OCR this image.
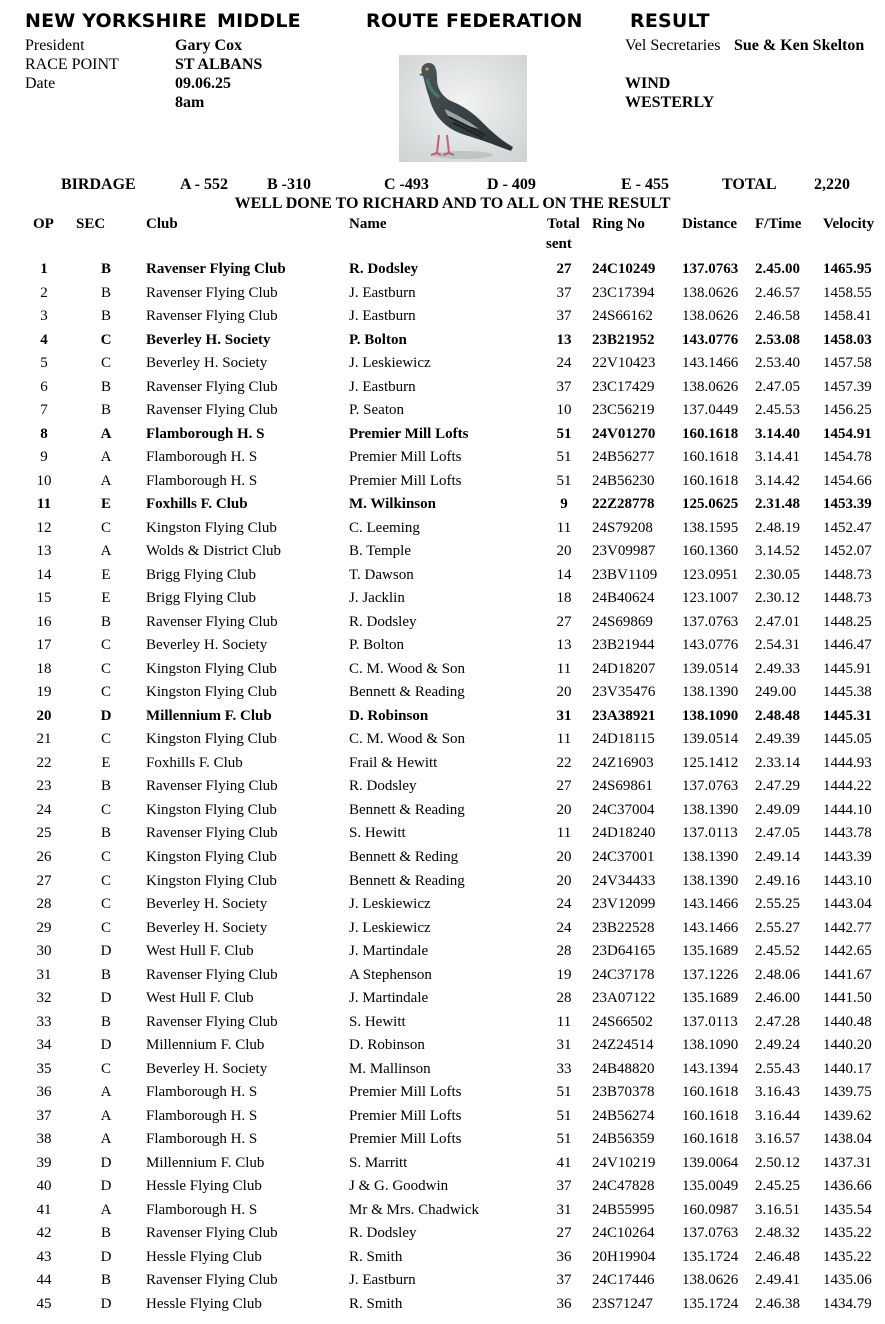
NEW YORKSHIRE MIDDLE	ROUTE FEDERATION RESULT
President	Gary Cox
RACE POINT	ST ALBANS
Date	09.06.25
8am
Vel Secretaries Sue & Ken Skelton
WIND
WESTERLY
BIRDAGE	A - 552 B -310	C -493	D - 409	E - 455	TOTAL 2,220
WELL DONE TO RICHARD AND TO ALL ON THE RESULT
OP SEC	Club	Name	Total
sent
Ring No Distance F/Time Velocity
1	B	Ravenser Flying Club	R. Dodsley	27	24C10249 137.0763 2.45.00 1465.95
2	B	Ravenser Flying Club	J. Eastburn	37	23C17394 138.0626 2.46.57 1458.55
3	B	Ravenser Flying Club	J. Eastburn	37	24S66162 138.0626 2.46.58 1458.41
4	C	Beverley H. Society	P. Bolton	13	23B21952 143.0776 2.53.08 1458.03
5	C	Beverley H. Society	J. Leskiewicz	24	22V10423 143.1466 2.53.40 1457.58
6	B	Ravenser Flying Club	J. Eastburn	37	23C17429 138.0626 2.47.05 1457.39
7	B	Ravenser Flying Club	P. Seaton	10	23C56219 137.0449 2.45.53 1456.25
8	A	Flamborough H. S	Premier Mill Lofts	51	24V01270 160.1618 3.14.40 1454.91
9	A	Flamborough H. S	Premier Mill Lofts	51	24B56277 160.1618 3.14.41 1454.78
10	A	Flamborough H. S	Premier Mill Lofts	51	24B56230 160.1618 3.14.42 1454.66
11	E	Foxhills F. Club	M. Wilkinson	9	22Z28778 125.0625 2.31.48 1453.39
12	C	Kingston Flying Club	C. Leeming	11	24S79208 138.1595 2.48.19 1452.47
13	A	Wolds & District Club	B. Temple	20	23V09987 160.1360 3.14.52 1452.07
14	E	Brigg Flying Club	T. Dawson	14	23BV1109 123.0951 2.30.05 1448.73
15	E	Brigg Flying Club	J. Jacklin	18	24B40624 123.1007 2.30.12 1448.73
16	B	Ravenser Flying Club	R. Dodsley	27	24S69869 137.0763 2.47.01 1448.25
17	C	Beverley H. Society	P. Bolton	13	23B21944 143.0776 2.54.31 1446.47
18	C	Kingston Flying Club	C. M. Wood & Son	11	24D18207 139.0514 2.49.33 1445.91
19	C	Kingston Flying Club	Bennett & Reading	20	23V35476 138.1390 249.00 1445.38
20	D	Millennium F. Club	D. Robinson	31	23A38921 138.1090 2.48.48 1445.31
21	C	Kingston Flying Club	C. M. Wood & Son	11	24D18115 139.0514 2.49.39 1445.05
22	E	Foxhills F. Club	Frail & Hewitt	22	24Z16903 125.1412 2.33.14 1444.93
23	B	Ravenser Flying Club	R. Dodsley	27	24S69861 137.0763 2.47.29 1444.22
24	C	Kingston Flying Club	Bennett & Reading	20	24C37004 138.1390 2.49.09 1444.10
25	B	Ravenser Flying Club	S. Hewitt	11	24D18240 137.0113 2.47.05 1443.78
26	C	Kingston Flying Club	Bennett & Reding	20	24C37001 138.1390 2.49.14 1443.39
27	C	Kingston Flying Club	Bennett & Reading	20	24V34433 138.1390 2.49.16 1443.10
28	C	Beverley H. Society	J. Leskiewicz	24	23V12099 143.1466 2.55.25 1443.04
29	C	Beverley H. Society	J. Leskiewicz	24	23B22528 143.1466 2.55.27 1442.77
30	D	West Hull F. Club	J. Martindale	28	23D64165 135.1689 2.45.52 1442.65
31	B	Ravenser Flying Club	A Stephenson	19	24C37178 137.1226 2.48.06 1441.67
32	D	West Hull F. Club	J. Martindale	28	23A07122 135.1689 2.46.00 1441.50
33	B	Ravenser Flying Club	S. Hewitt	11	24S66502 137.0113 2.47.28 1440.48
34	D	Millennium F. Club	D. Robinson	31	24Z24514 138.1090 2.49.24 1440.20
35	C	Beverley H. Society	M. Mallinson	33	24B48820 143.1394 2.55.43 1440.17
36	A	Flamborough H. S	Premier Mill Lofts	51	23B70378 160.1618 3.16.43 1439.75
37	A	Flamborough H. S	Premier Mill Lofts	51	24B56274 160.1618 3.16.44 1439.62
38	A	Flamborough H. S	Premier Mill Lofts	51	24B56359 160.1618 3.16.57 1438.04
39	D	Millennium F. Club	S. Marritt	41	24V10219 139.0064 2.50.12 1437.31
40	D	Hessle Flying Club	J & G. Goodwin	37	24C47828 135.0049 2.45.25 1436.66
41	A	Flamborough H. S	Mr & Mrs. Chadwick	31	24B55995 160.0987 3.16.51 1435.54
42	B	Ravenser Flying Club	R. Dodsley	27	24C10264 137.0763 2.48.32 1435.22
43	D	Hessle Flying Club	R. Smith	36	20H19904 135.1724 2.46.48 1435.22
44	B	Ravenser Flying Club	J. Eastburn	37	24C17446 138.0626 2.49.41 1435.06
45	D	Hessle Flying Club	R. Smith	36	23S71247 135.1724 2.46.38 1434.79
